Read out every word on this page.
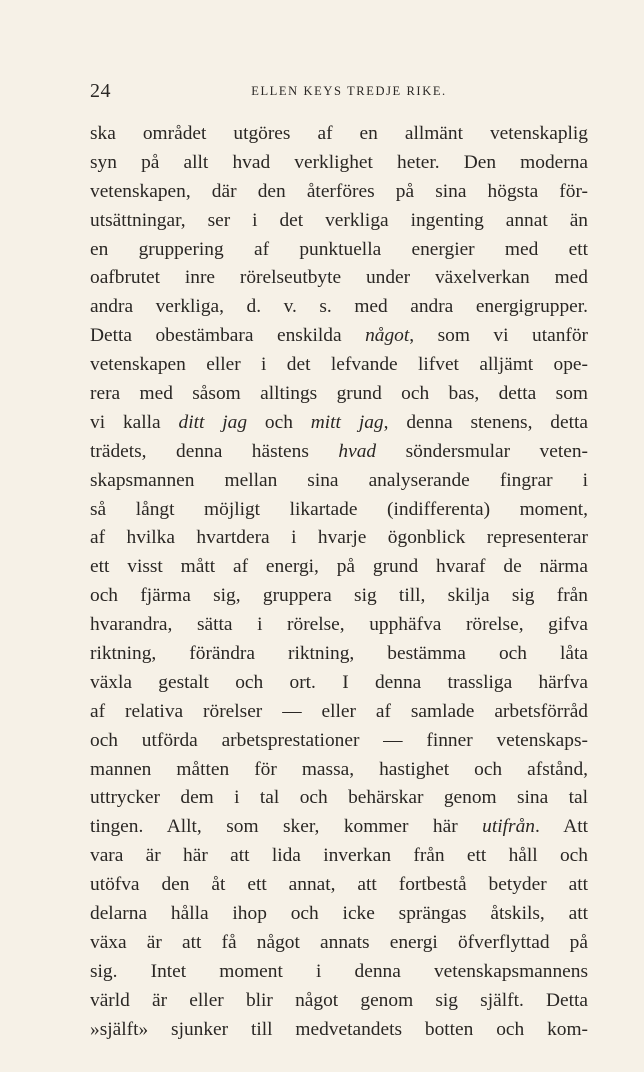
24	ELLEN KEYS TREDJE RIKE.
ska området utgöres af en allmänt vetenskaplig
syn på allt hvad verklighet heter. Den moderna
vetenskapen, där den återföres på sina högsta för-
utsättningar, ser i det verkliga ingenting annat än
en gruppering af punktuella energier med ett
oafbrutet inre rörelseutbyte under växelverkan med
andra verkliga, d. v. s. med andra energigrupper.
Detta obestämbara enskilda något, som vi utanför
vetenskapen eller i det lefvande lifvet alljämt ope-
rera med såsom alltings grund och bas, detta som
vi kalla ditt jag och mitt jag, denna stenens, detta
trädets, denna hästens hvad söndersmular veten-
skapsmannen mellan sina analyserande fingrar i
så långt möjligt likartade (indifferenta) moment,
af hvilka hvartdera i hvarje ögonblick representerar
ett visst mått af energi, på grund hvaraf de närma
och fjärma sig, gruppera sig till, skilja sig från
hvarandra, sätta i rörelse, upphäfva rörelse, gifva
riktning, förändra riktning, bestämma och låta
växla gestalt och ort. I denna trassliga härfva
af relativa rörelser — eller af samlade arbetsförråd
och utförda arbetsprestationer — finner vetenskaps-
mannen måtten för massa, hastighet och afstånd,
uttrycker dem i tal och behärskar genom sina tal
tingen. Allt, som sker, kommer här utifrån. Att
vara är här att lida inverkan från ett håll och
utöfva den åt ett annat, att fortbestå betyder att
delarna hålla ihop och icke sprängas åtskils, att
växa är att få något annats energi öfverflyttad på
sig. Intet moment i denna vetenskapsmannens
värld är eller blir något genom sig själft. Detta
»själft» sjunker till medvetandets botten och kom-
